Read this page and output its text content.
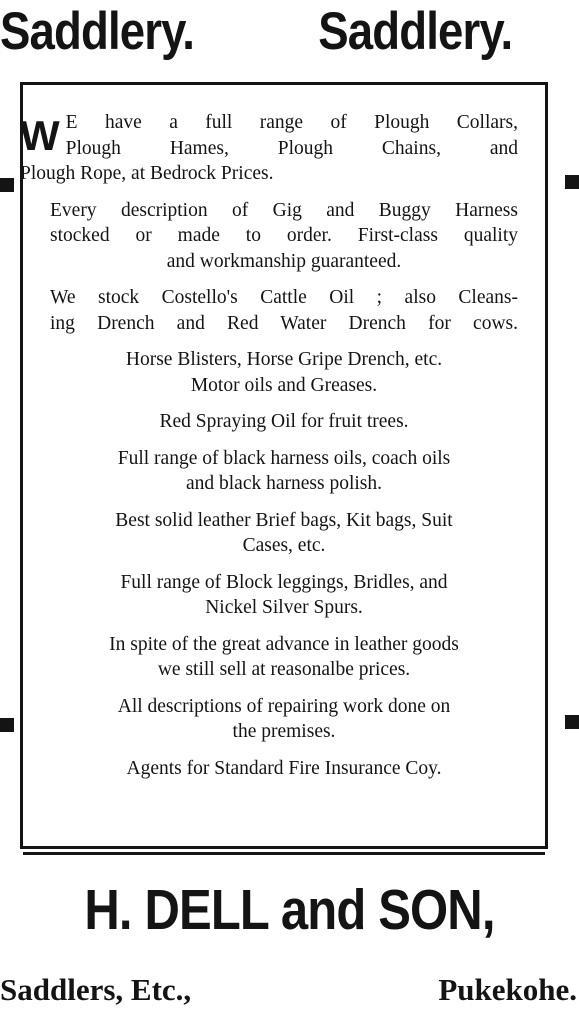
Saddlery. Saddlery.
W E have a full range of Plough Collars,
Plough Hames, Plough Chains, and
Plough Rope, at Bedrock Prices.
Every description of Gig and Buggy Harness
stocked or made to order. First-class quality
and workmanship guaranteed.
We stock Costello's Cattle Oil ; also Cleans-
ing Drench and Red Water Drench for cows.
Horse Blisters, Horse Gripe Drench, etc.
Motor oils and Greases.
Red Spraying Oil for fruit trees.
Full range of black harness oils, coach oils
and black harness polish.
Best solid leather Brief bags, Kit bags, Suit
Cases, etc.
Full range of Block leggings, Bridles, and
Nickel Silver Spurs.
In spite of the great advance in leather goods
we still sell at reasonalbe prices.
All descriptions of repairing work done on
the premises.
Agents for Standard Fire Insurance Coy.
H. DELL and SON,
Saddlers, Etc.,	Pukekohe.
